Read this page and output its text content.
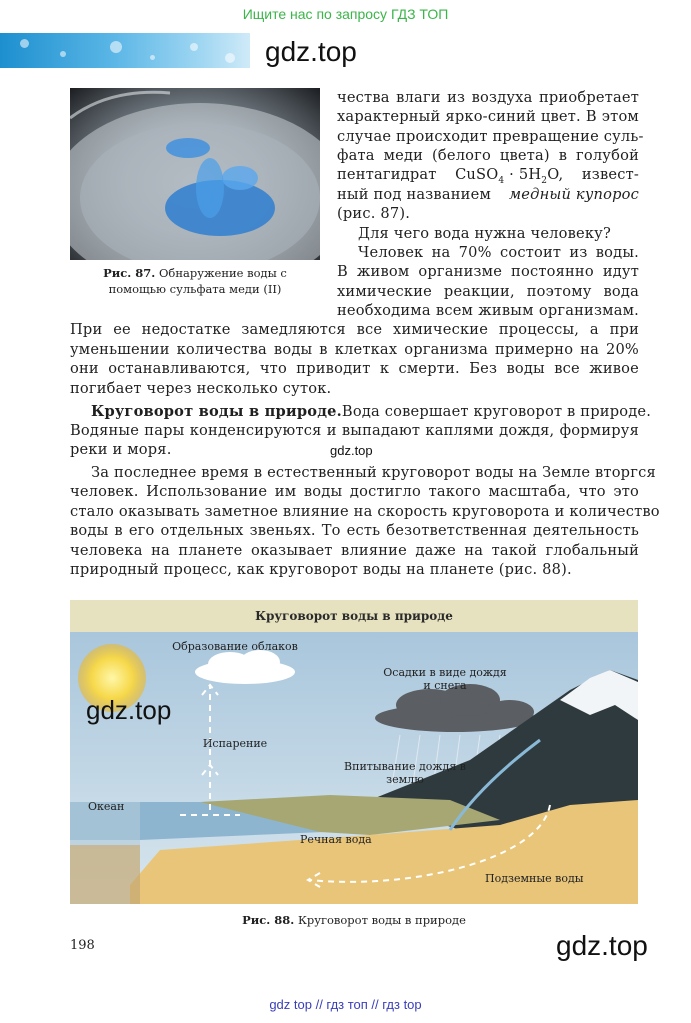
Ищите нас по запросу ГДЗ ТОП
gdz.top
Рис. 87. Обнаружение воды с
помощью сульфата меди (II)
чества влаги из воздуха приобретает
характерный ярко-синий цвет. В этом
случае происходит превращение суль-
фата меди (белого цвета) в голубой
пентагидрат CuSO$_4$ · $5H_2O$, извест-
ный под названием медный купорос
(рис. 87).
Для чего вода нужна человеку?
Человек на 70% состоит из воды.
В живом организме постоянно идут
химические реакции, поэтому вода
необходима всем живым организмам.
При ее недостатке замедляются все химические процессы, а при
уменьшении количества воды в клетках организма примерно на 20%
они останавливаются, что приводит к смерти. Без воды все живое
погибает через несколько суток.
Круговорот воды в природе. Вода совершает круговорот в природе.
Водяные пары конденсируются и выпадают каплями дождя, формируя
реки и моря.	gdz.top
За последнее время в естественный круговорот воды на Земле вторгся
человек. Использование им воды достигло такого масштаба, что это
стало оказывать заметное влияние на скорость круговорота и количество
воды в его отдельных звеньях. То есть безответственная деятельность
человека на планете оказывает влияние даже на такой глобальный
природный процесс, как круговорот воды на планете (рис. 88).
Круговорот воды в природе
Образование облаков
Осадки в виде дождя
и снега
Испарение
Впитывание дождя в
землю
Океан
Речная вода
Подземные воды
gdz.top
Рис. 88. Круговорот воды в природе
198	gdz.top
gdz top // гдз топ // гдз top
